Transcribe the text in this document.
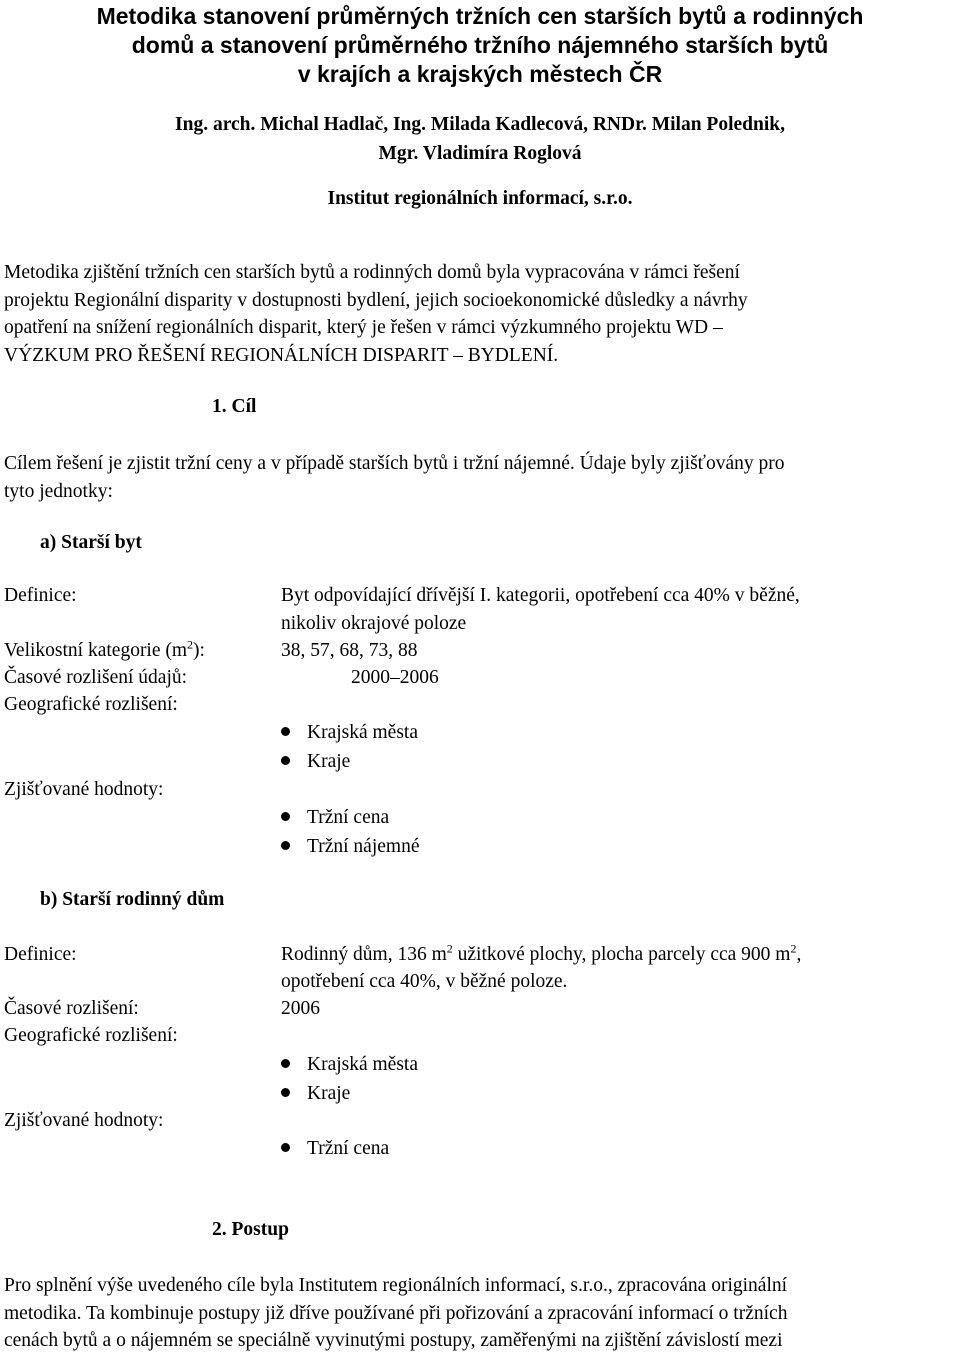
Metodika stanovení průměrných tržních cen starších bytů a rodinných
domů a stanovení průměrného tržního nájemného starších bytů
v krajích a krajských městech ČR
Ing. arch. Michal Hadlač, Ing. Milada Kadlecová, RNDr. Milan Polednik,
Mgr. Vladimíra Roglová
Institut regionálních informací, s.r.o.
Metodika zjištění tržních cen starších bytů a rodinných domů byla vypracována v rámci řešení
projektu Regionální disparity v dostupnosti bydlení, jejich socioekonomické důsledky a návrhy
opatření na snížení regionálních disparit, který je řešen v rámci výzkumného projektu WD –
VÝZKUM PRO ŘEŠENÍ REGIONÁLNÍCH DISPARIT – BYDLENÍ.
1. Cíl
Cílem řešení je zjistit tržní ceny a v případě starších bytů i tržní nájemné. Údaje byly zjišťovány pro
tyto jednotky:
a) Starší byt
Definice:	Byt odpovídající dřívější I. kategorii, opotřebení cca 40% v běžné,
nikoliv okrajové poloze
Velikostní kategorie $(m^2)$:	38, 57, 68, 73, 88
Časové rozlišení údajů:	2000–2006
Geografické rozlišení:
Krajská města
Kraje
Zjišťované hodnoty:
Tržní cena
Tržní nájemné
b) Starší rodinný dům
Definice:	Rodinný dům, 136 $m^2$ užitkové plochy, plocha parcely cca 900 $m^2$,
opotřebení cca 40%, v běžné poloze.
Časové rozlišení:	2006
Geografické rozlišení:
Krajská města
Kraje
Zjišťované hodnoty:
Tržní cena
2. Postup
Pro splnění výše uvedeného cíle byla Institutem regionálních informací, s.r.o., zpracována originální
metodika. Ta kombinuje postupy již dříve používané při pořizování a zpracování informací o tržních
cenách bytů a o nájemném se speciálně vyvinutými postupy, zaměřenými na zjištění závislostí mezi
